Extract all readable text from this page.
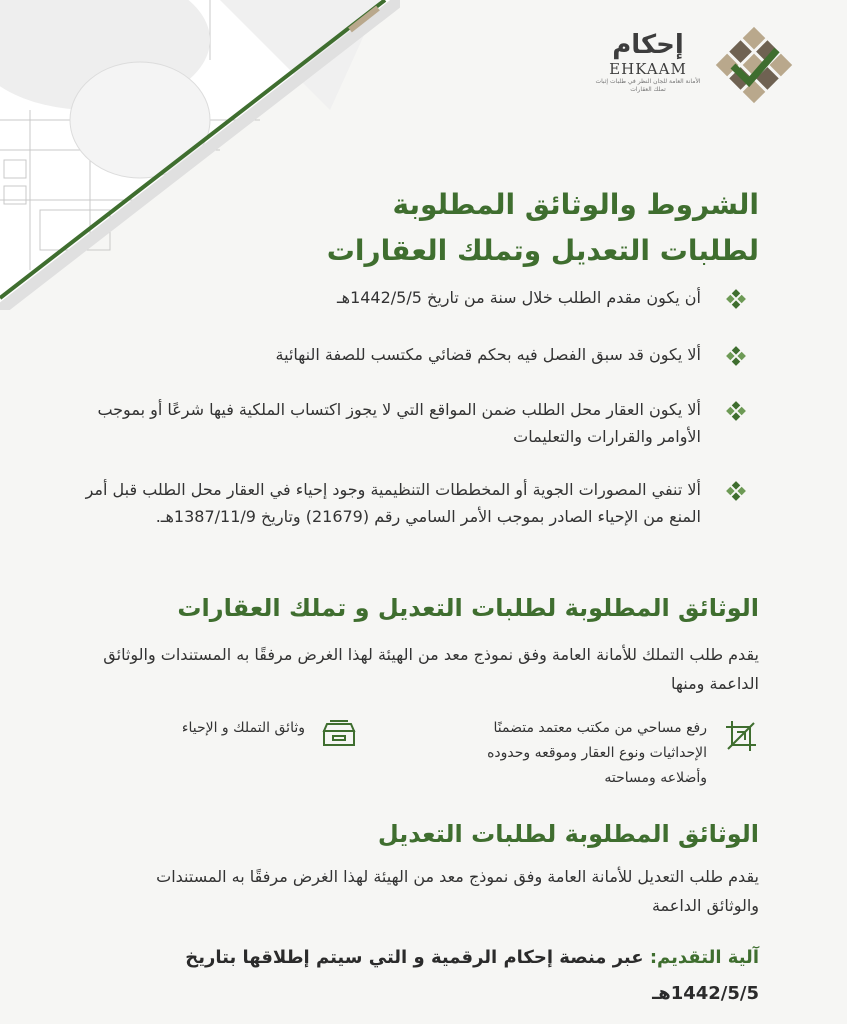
إحكام
EHKAAM
الأمانة العامة للجان النظر في طلبات إثبات تملك العقارات
الشروط والوثائق المطلوبة
لطلبات التعديل وتملك العقارات
أن يكون مقدم الطلب خلال سنة من تاريخ 1442/5/5هـ
ألا يكون قد سبق الفصل فيه بحكم قضائي مكتسب للصفة النهائية
ألا يكون العقار محل الطلب ضمن المواقع التي لا يجوز اكتساب الملكية فيها شرعًا أو بموجب الأوامر والقرارات والتعليمات
ألا تنفي المصورات الجوية أو المخططات التنظيمية وجود إحياء في العقار محل الطلب قبل أمر المنع من الإحياء الصادر بموجب الأمر السامي رقم (21679) وتاريخ 1387/11/9هـ.
الوثائق المطلوبة لطلبات التعديل و تملك العقارات
يقدم طلب التملك للأمانة العامة وفق نموذج معد من الهيئة لهذا الغرض مرفقًا به المستندات والوثائق الداعمة ومنها
رفع مساحي من مكتب معتمد متضمنًا الإحداثيات ونوع العقار وموقعه وحدوده وأضلاعه ومساحته
وثائق التملك و الإحياء
الوثائق المطلوبة لطلبات التعديل
يقدم طلب التعديل للأمانة العامة وفق نموذج معد من الهيئة لهذا الغرض مرفقًا به المستندات والوثائق الداعمة
آلية التقديم: عبر منصة إحكام الرقمية و التي سيتم إطلاقها بتاريخ 1442/5/5هـ
